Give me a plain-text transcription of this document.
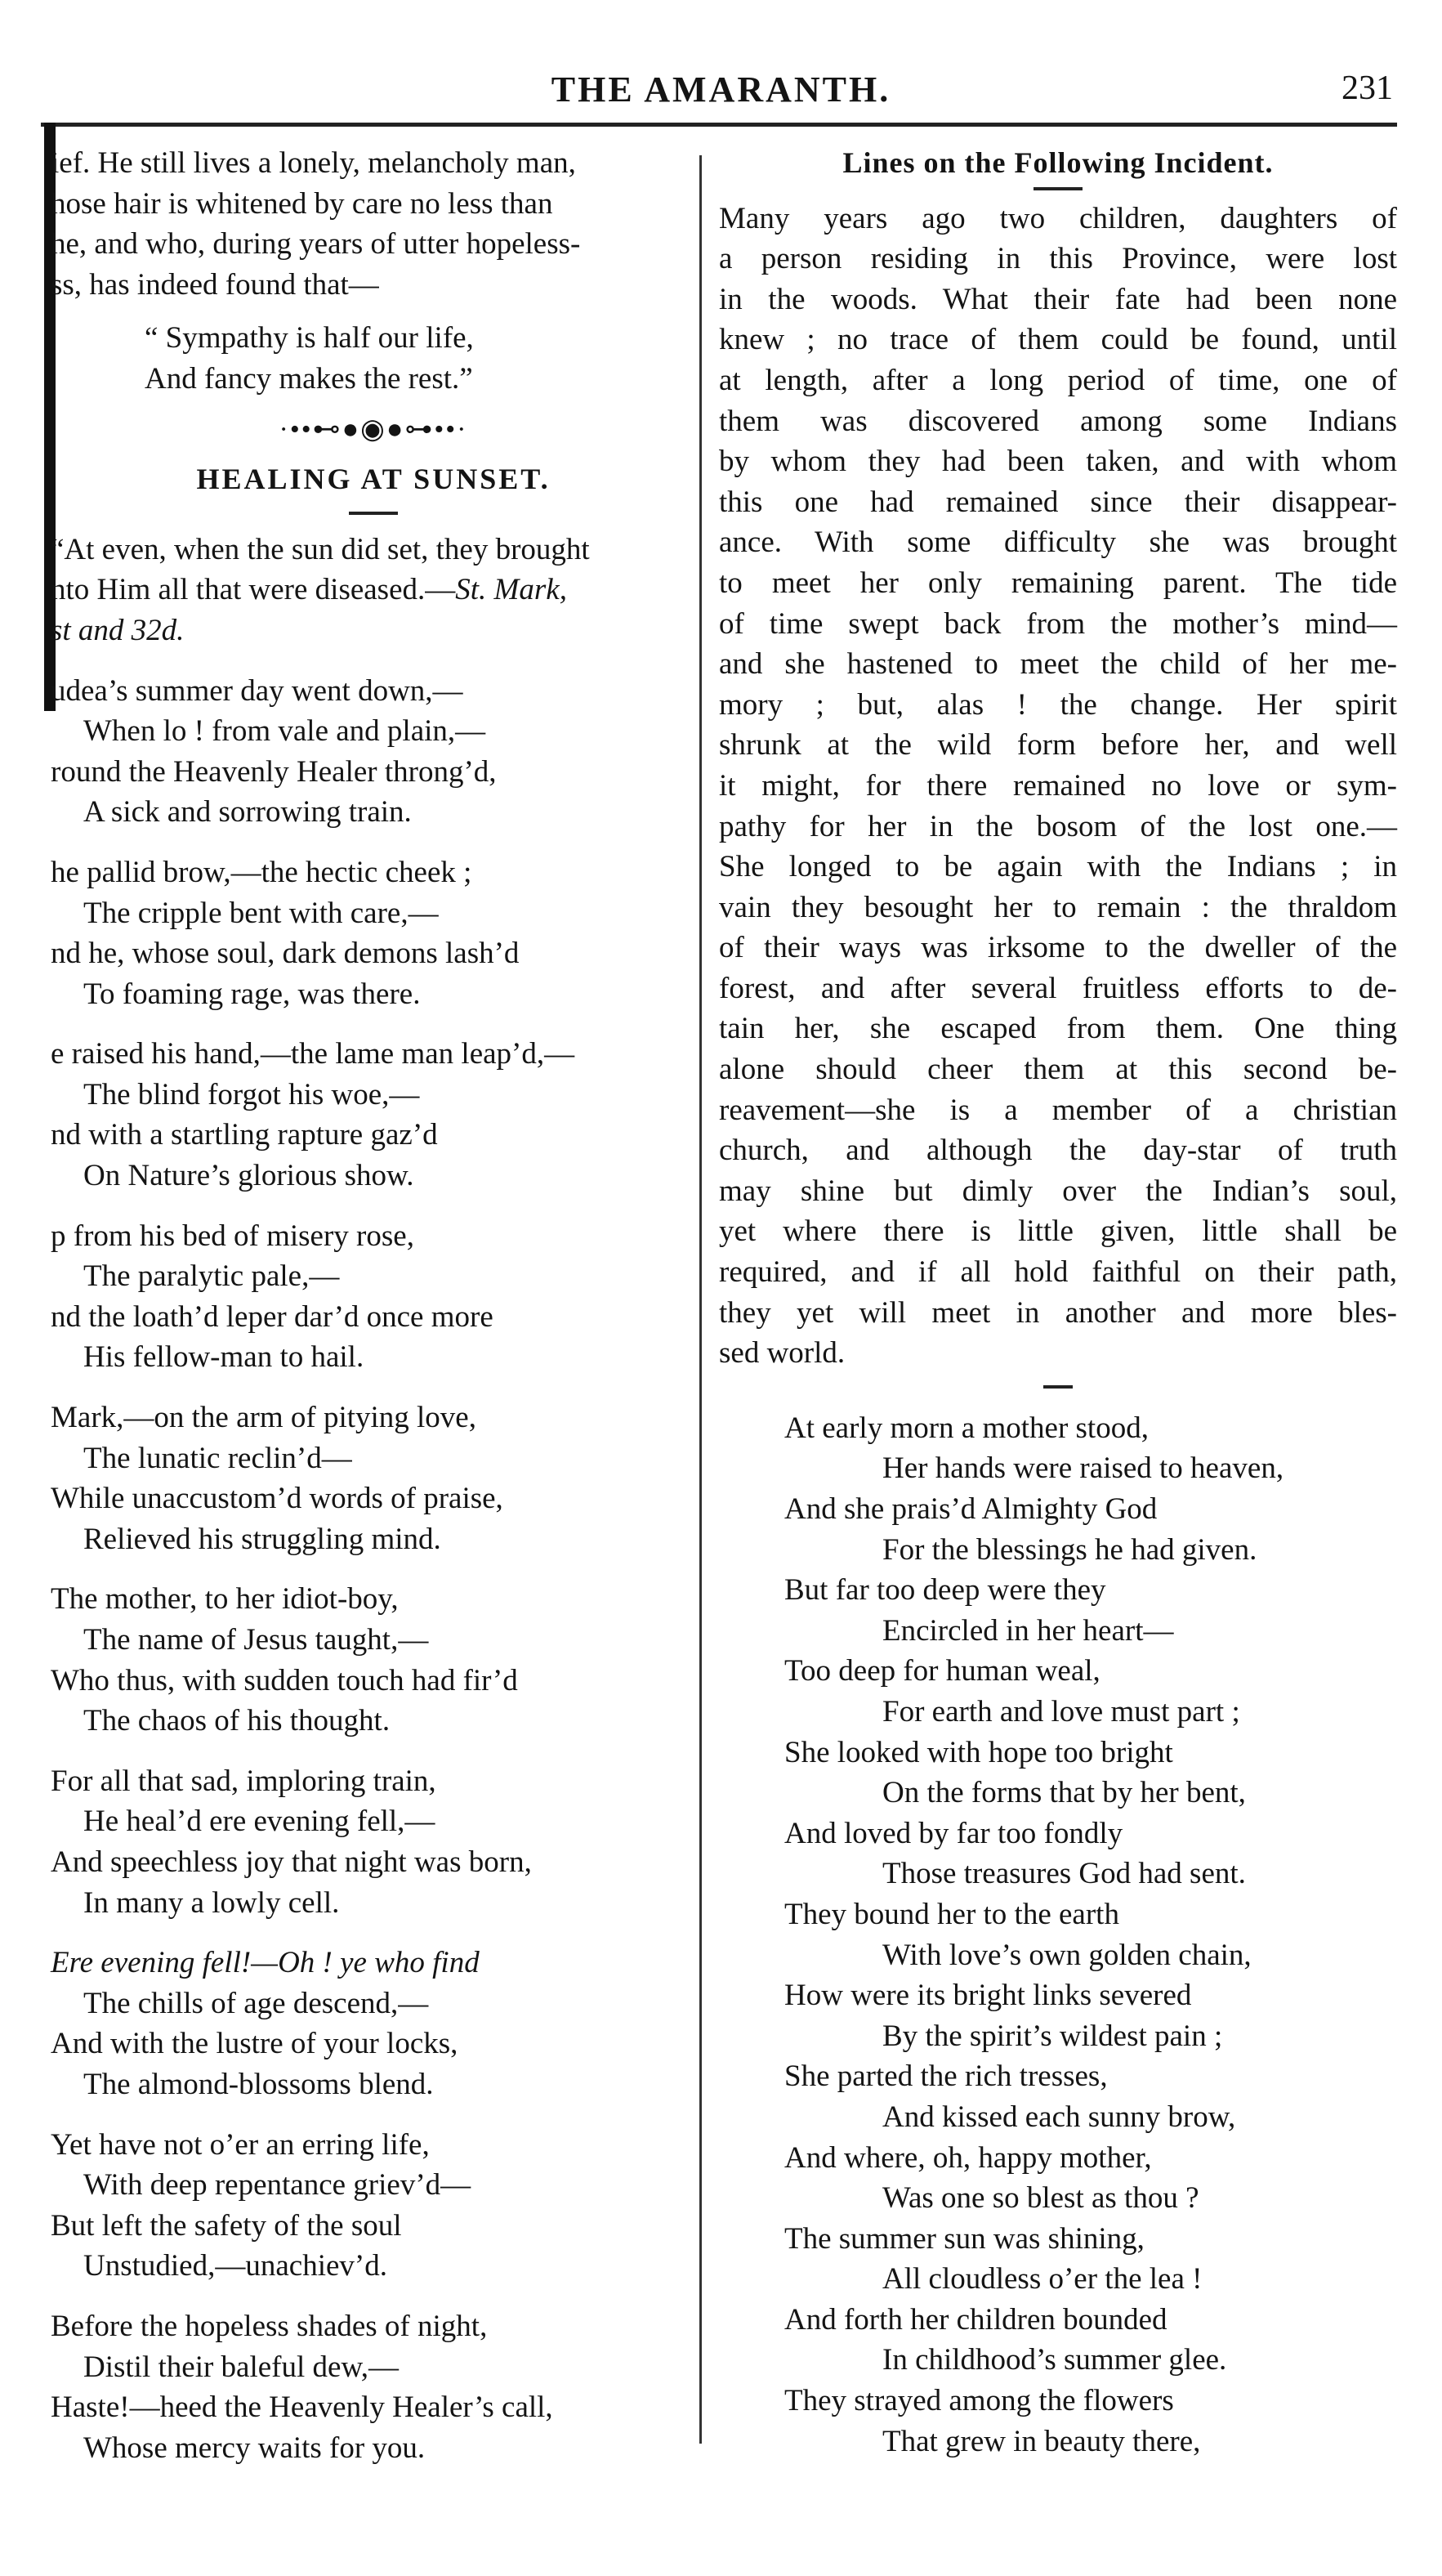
THE AMARANTH.	231

ief. He still lives a lonely, melancholy man,

hose hair is whitened by care no less than

he, and who, during years of utter hopeless-

ss, has indeed found that—

“ Sympathy is half our life,

And fancy makes the rest.”

·••⊷●◉●⊶••·
HEALING AT SUNSET.

“At even, when the sun did set, they brought

nto Him all that were diseased.—St. Mark,

st and 32d.

udea’s summer day went down,—

When lo ! from vale and plain,—

round the Heavenly Healer throng’d,

A sick and sorrowing train.

he pallid brow,—the hectic cheek ;

The cripple bent with care,—

nd he, whose soul, dark demons lash’d

To foaming rage, was there.

e raised his hand,—the lame man leap’d,—

The blind forgot his woe,—

nd with a startling rapture gaz’d

On Nature’s glorious show.

p from his bed of misery rose,

The paralytic pale,—

nd the loath’d leper dar’d once more

His fellow-man to hail.

Mark,—on the arm of pitying love,

The lunatic reclin’d—

While unaccustom’d words of praise,

Relieved his struggling mind.

The mother, to her idiot-boy,

The name of Jesus taught,—

Who thus, with sudden touch had fir’d

The chaos of his thought.

For all that sad, imploring train,

He heal’d ere evening fell,—

And speechless joy that night was born,

In many a lowly cell.

Ere evening fell!—Oh ! ye who find

The chills of age descend,—

And with the lustre of your locks,

The almond-blossoms blend.

Yet have not o’er an erring life,

With deep repentance griev’d—

But left the safety of the soul

Unstudied,—unachiev’d.

Before the hopeless shades of night,

Distil their baleful dew,—

Haste!—heed the Heavenly Healer’s call,

Whose mercy waits for you.

Lines on the Following Incident.

Many years ago two children, daughters of

a person residing in this Province, were lost

in the woods. What their fate had been none

knew ; no trace of them could be found, until

at length, after a long period of time, one of

them was discovered among some Indians

by whom they had been taken, and with whom

this one had remained since their disappear-

ance. With some difficulty she was brought

to meet her only remaining parent. The tide

of time swept back from the mother’s mind—

and she hastened to meet the child of her me-

mory ; but, alas ! the change. Her spirit

shrunk at the wild form before her, and well

it might, for there remained no love or sym-

pathy for her in the bosom of the lost one.—

She longed to be again with the Indians ; in

vain they besought her to remain : the thraldom

of their ways was irksome to the dweller of the

forest, and after several fruitless efforts to de-

tain her, she escaped from them. One thing

alone should cheer them at this second be-

reavement—she is a member of a christian

church, and although the day-star of truth

may shine but dimly over the Indian’s soul,

yet where there is little given, little shall be

required, and if all hold faithful on their path,

they yet will meet in another and more bles-

sed world.

At early morn a mother stood,

Her hands were raised to heaven,

And she prais’d Almighty God

For the blessings he had given.

But far too deep were they

Encircled in her heart—

Too deep for human weal,

For earth and love must part ;

She looked with hope too bright

On the forms that by her bent,

And loved by far too fondly

Those treasures God had sent.

They bound her to the earth

With love’s own golden chain,

How were its bright links severed

By the spirit’s wildest pain ;

She parted the rich tresses,

And kissed each sunny brow,

And where, oh, happy mother,

Was one so blest as thou ?

The summer sun was shining,

All cloudless o’er the lea !

And forth her children bounded

In childhood’s summer glee.

They strayed among the flowers

That grew in beauty there,
